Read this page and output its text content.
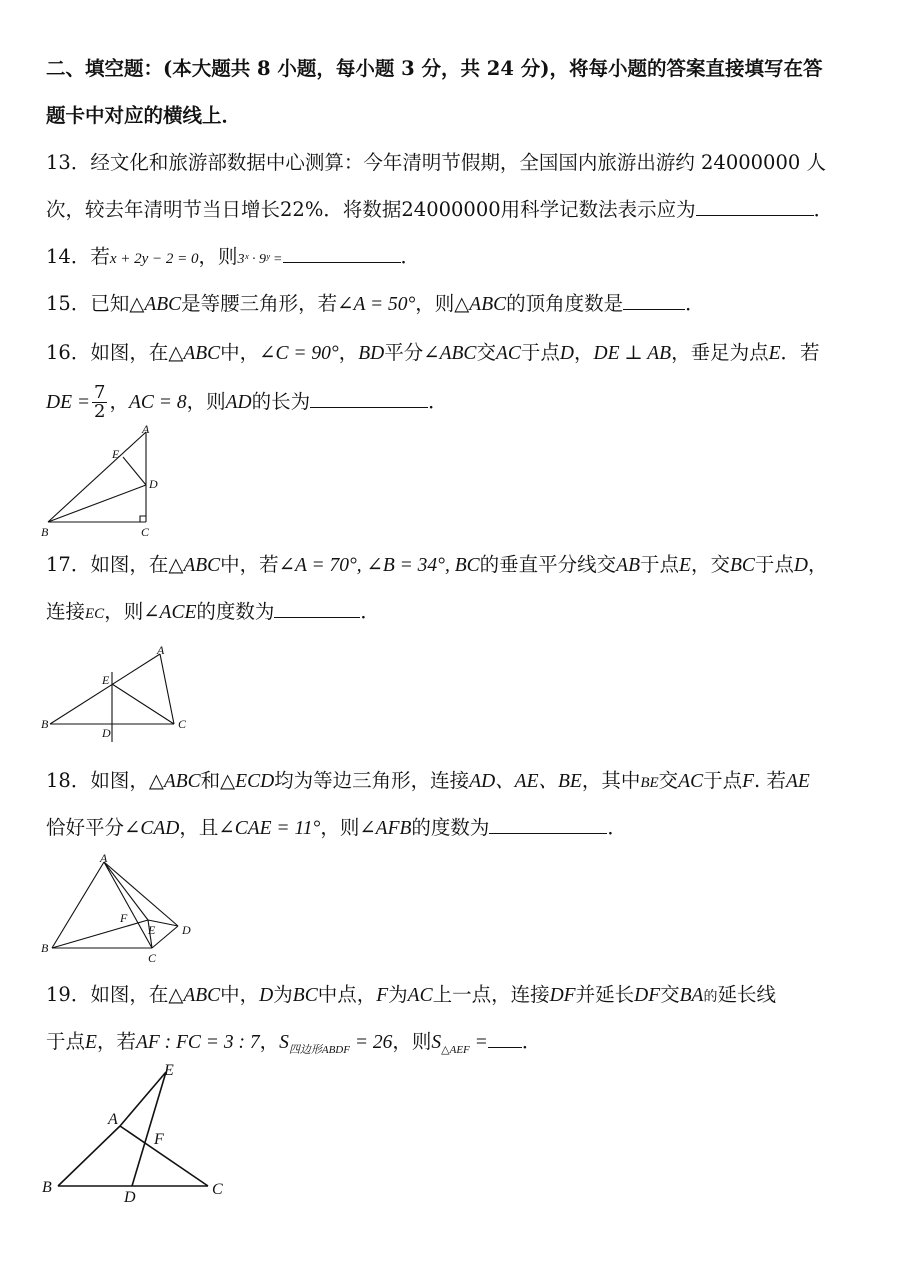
二、填空题：(本大题共 8 小题，每小题 3 分，共 24 分)，将每小题的答案直接填写在答
题卡中对应的横线上．
13．经文化和旅游部数据中心测算：今年清明节假期，全国国内旅游出游约 24000000 人
次，较去年清明节当日增长22%．将数据24000000用科学记数法表示应为	．
14．若x + 2y − 2 = 0，则3ˣ · 9ʸ =	．
15．已知△ABC是等腰三角形，若∠A = 50°，则△ABC的顶角度数是	．
16．如图，在△ABC中，∠C = 90°，BD平分∠ABC交AC于点D，DE ⊥ AB，垂足为点E．若
DE = $\frac{7}{2}$ ，AC = 8，则AD的长为	．
A
B	C
D
E
17．如图，在△ABC中，若∠A = 70°, ∠B = 34°, BC的垂直平分线交AB于点E，交BC于点D，
连接EC，则∠ACE的度数为	．
A
B	C
D
E
18．如图，△ABC和△ECD均为等边三角形，连接AD、AE、BE，其中BE交AC于点F. 若AE
恰好平分∠CAD，且∠CAE = 11°，则∠AFB的度数为	．
A
B
C
D
E
F
19．如图，在△ABC中，D为BC中点，F为AC上一点，连接DF并延长DF交BA的延长线
于点E，若AF : FC = 3 : 7，$S_{四边形ABDF} = 26$，则$S_{\triangle AEF}$ = ．
E
A
F
B
D	C
